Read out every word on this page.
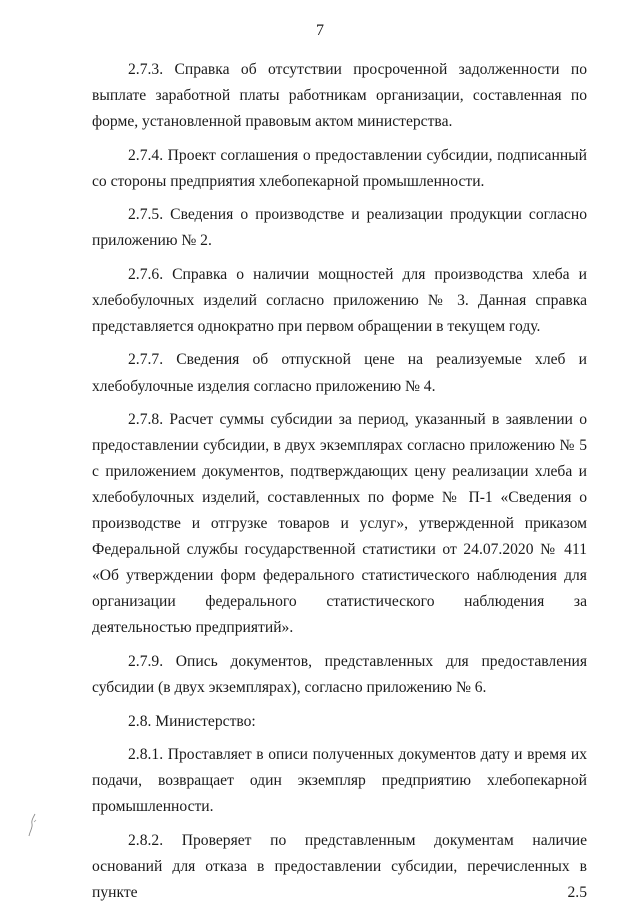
7

2.7.3. Справка об отсутствии просроченной задолженности по выплате заработной платы работникам организации, составленная по форме, установленной правовым актом министерства.

2.7.4. Проект соглашения о предоставлении субсидии, подписанный со стороны предприятия хлебопекарной промышленности.

2.7.5. Сведения о производстве и реализации продукции согласно приложению № 2.

2.7.6. Справка о наличии мощностей для производства хлеба и хлебобулочных изделий согласно приложению № 3. Данная справка представляется однократно при первом обращении в текущем году.

2.7.7. Сведения об отпускной цене на реализуемые хлеб и хлебобулочные изделия согласно приложению № 4.

2.7.8. Расчет суммы субсидии за период, указанный в заявлении о предоставлении субсидии, в двух экземплярах согласно приложению № 5 с приложением документов, подтверждающих цену реализации хлеба и хлебобулочных изделий, составленных по форме № П-1 «Сведения о производстве и отгрузке товаров и услуг», утвержденной приказом Федеральной службы государственной статистики от 24.07.2020 № 411 «Об утверждении форм федерального статистического наблюдения для организации федерального статистического наблюдения за деятельностью предприятий».

2.7.9. Опись документов, представленных для предоставления субсидии (в двух экземплярах), согласно приложению № 6.

2.8. Министерство:

2.8.1. Проставляет в описи полученных документов дату и время их подачи, возвращает один экземпляр предприятию хлебопекарной промышленности.

2.8.2. Проверяет по представленным документам наличие оснований для отказа в предоставлении субсидии, перечисленных в пункте 2.5
